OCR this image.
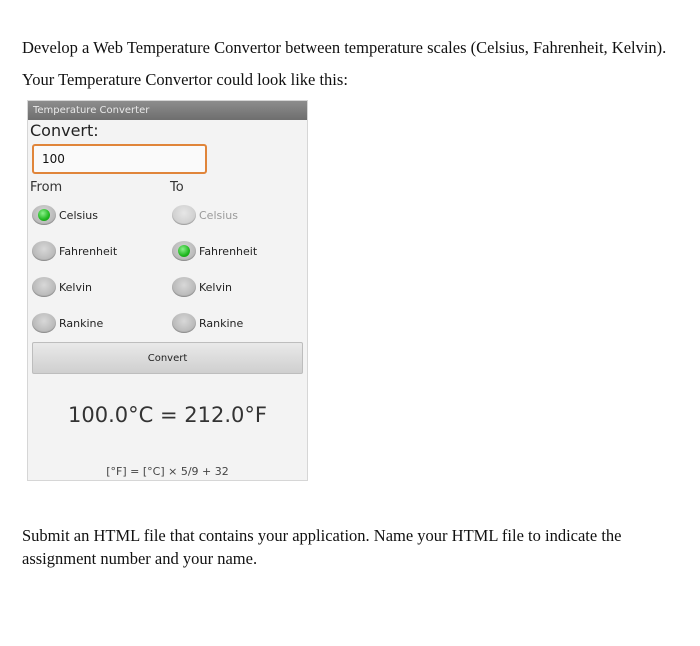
Develop a Web Temperature Convertor between temperature scales (Celsius, Fahrenheit, Kelvin). Your Temperature Convertor could look like this:

Temperature Converter
Convert:
100
From	To
Celsius
Fahrenheit
Kelvin
Rankine
Celsius
Fahrenheit
Kelvin
Rankine
Convert
100.0°C = 212.0°F
[°F] = [°C] × 5/9 + 32

Submit an HTML file that contains your application. Name your HTML file to indicate the assignment number and your name.
